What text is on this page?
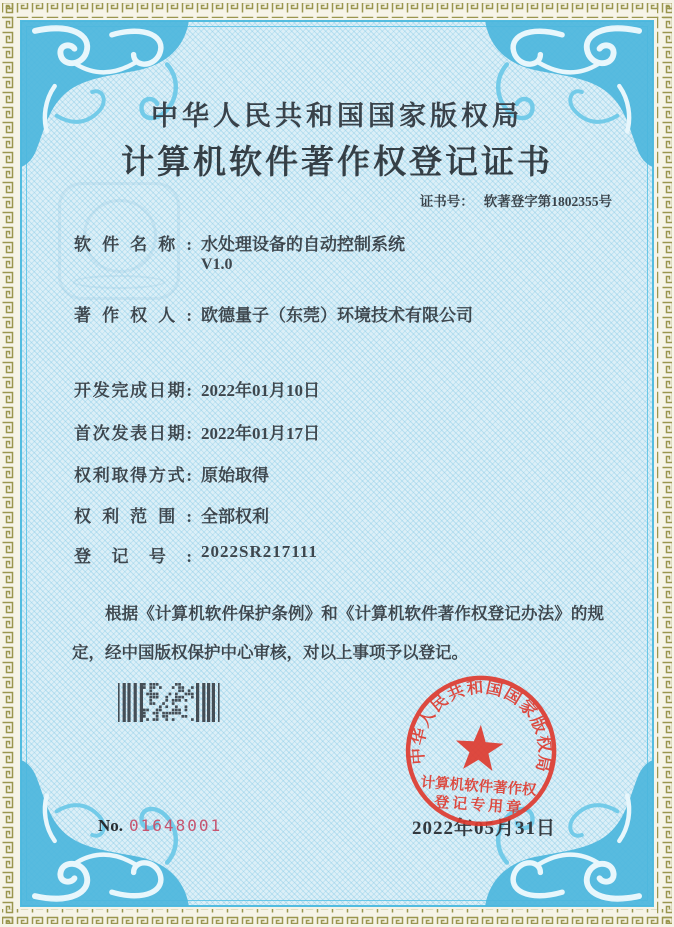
中华人民共和国国家版权局
计算机软件著作权登记证书
证书号： 软著登字第1802355号
软件名称: 水处理设备的自动控制系统
V1.0
著作权人: 欧德量子（东莞）环境技术有限公司
开发完成日期: 2022年01月10日
首次发表日期: 2022年01月17日
权利取得方式: 原始取得
权利范围: 全部权利
登记号: 2022SR217111
根据《计算机软件保护条例》和《计算机软件著作权登记办法》的规定，经中国版权保护中心审核，对以上事项予以登记。
No. 01648001	2022年05月31日
中华人民共和国国家版权局
计算机软件著作权
登记专用章
